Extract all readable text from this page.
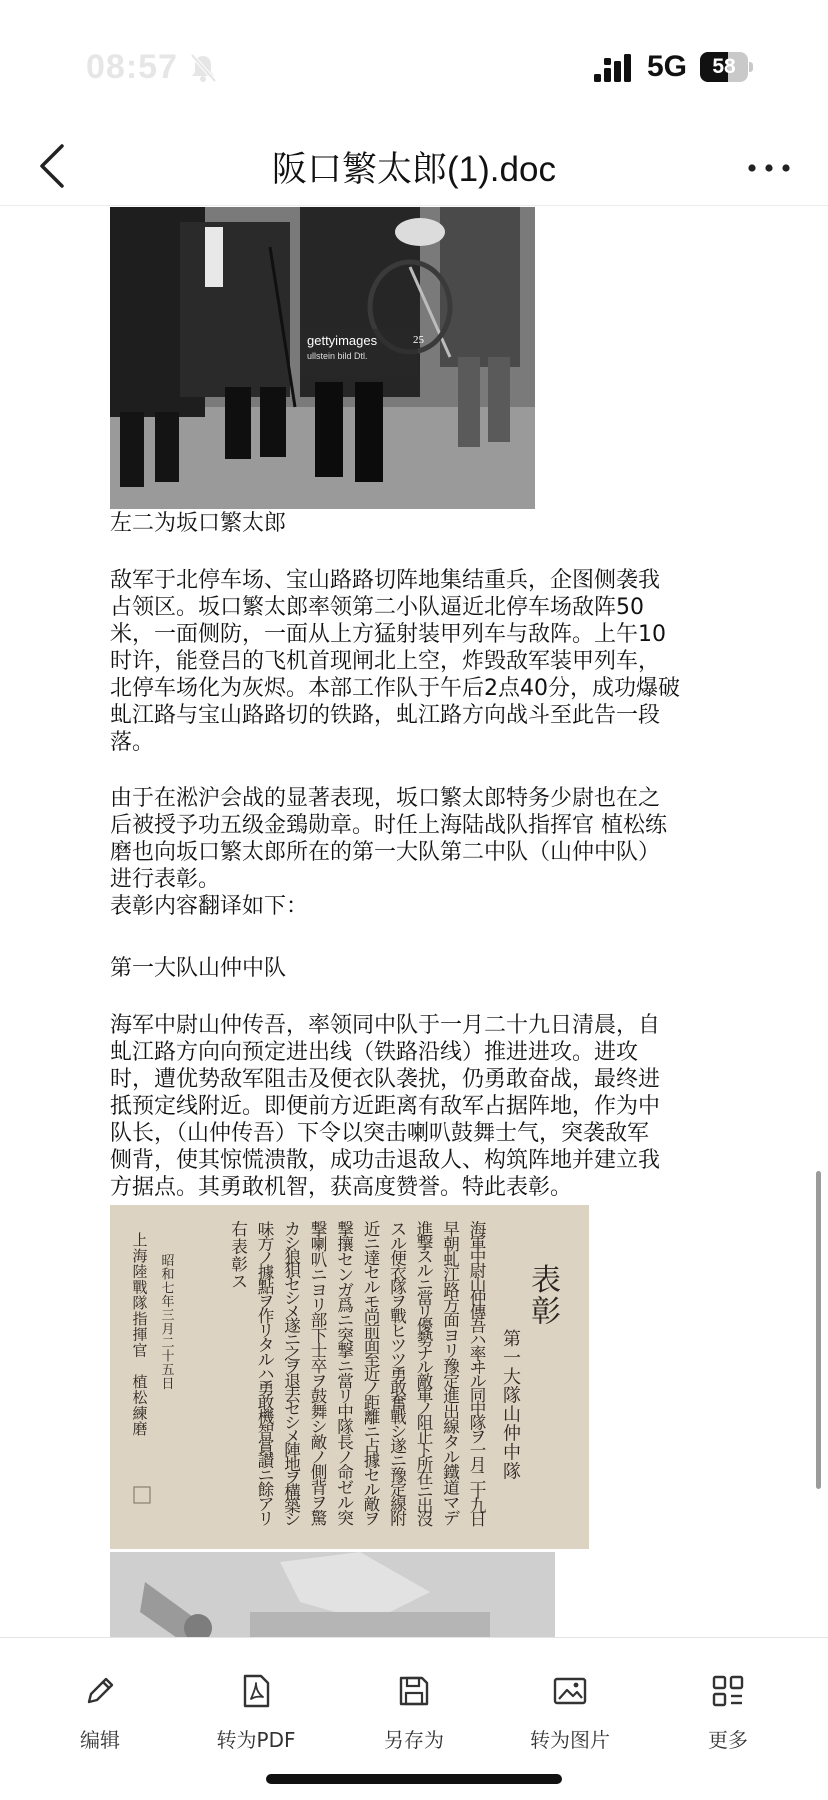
08:57	5G	58
阪口繁太郎(1).doc
gettyimages
ullstein bild Dtl.
25
左二为坂口繁太郎
敌军于北停车场、宝山路路切阵地集结重兵，企图侧袭我
占领区。坂口繁太郎率领第二小队逼近北停车场敌阵50
米，一面侧防，一面从上方猛射装甲列车与敌阵。上午10
时许，能登吕的飞机首现闸北上空，炸毁敌军装甲列车，
北停车场化为灰烬。本部工作队于午后2点40分，成功爆破
虬江路与宝山路路切的铁路，虬江路方向战斗至此告一段
落。
由于在淞沪会战的显著表现，坂口繁太郎特务少尉也在之
后被授予功五级金鵄勋章。时任上海陆战队指挥官 植松练
磨也向坂口繁太郎所在的第一大队第二中队（山仲中队）
进行表彰。
表彰内容翻译如下：
第一大队山仲中队
海军中尉山仲传吾，率领同中队于一月二十九日清晨，自
虬江路方向向预定进出线（铁路沿线）推进进攻。进攻
时，遭优势敌军阻击及便衣队袭扰，仍勇敢奋战，最终进
抵预定线附近。即便前方近距离有敌军占据阵地，作为中
队长，（山仲传吾）下令以突击喇叭鼓舞士气，突袭敌军
侧背，使其惊慌溃散，成功击退敌人、构筑阵地并建立我
方据点。其勇敢机智，获高度赞誉。特此表彰。
表彰
第一大隊山仲中隊
海軍中尉山仲傳吾ハ率ヰル同中隊ヲ一月二十九日
早朝虬江路方面ヨリ豫定進出線タル鐵道マデ
進撃スルニ當リ優勢ナル敵軍ノ阻止ト所在ニ出沒
スル便衣隊ヲ戰ヒツツ勇敢奮戰シ遂ニ豫定線附
近ニ達セルモ尚前面至近ノ距離ニ占據セル敵ヲ
撃攘センガ爲ニ突撃ニ當リ中隊長ノ命ゼル突
撃喇叭ニヨリ部下士卒ヲ鼓舞シ敵ノ側背ヲ驚
カシ狼狽セシメ遂ニ之ヲ退去セシメ陣地ヲ構築シ
味方ノ據點ヲ作リタルハ勇敢機智賞讃ニ餘アリ
右表彰ス
昭和七年三月二十五日
上海陸戰隊指揮官 植松練磨
编辑	转为PDF	另存为	转为图片	更多
